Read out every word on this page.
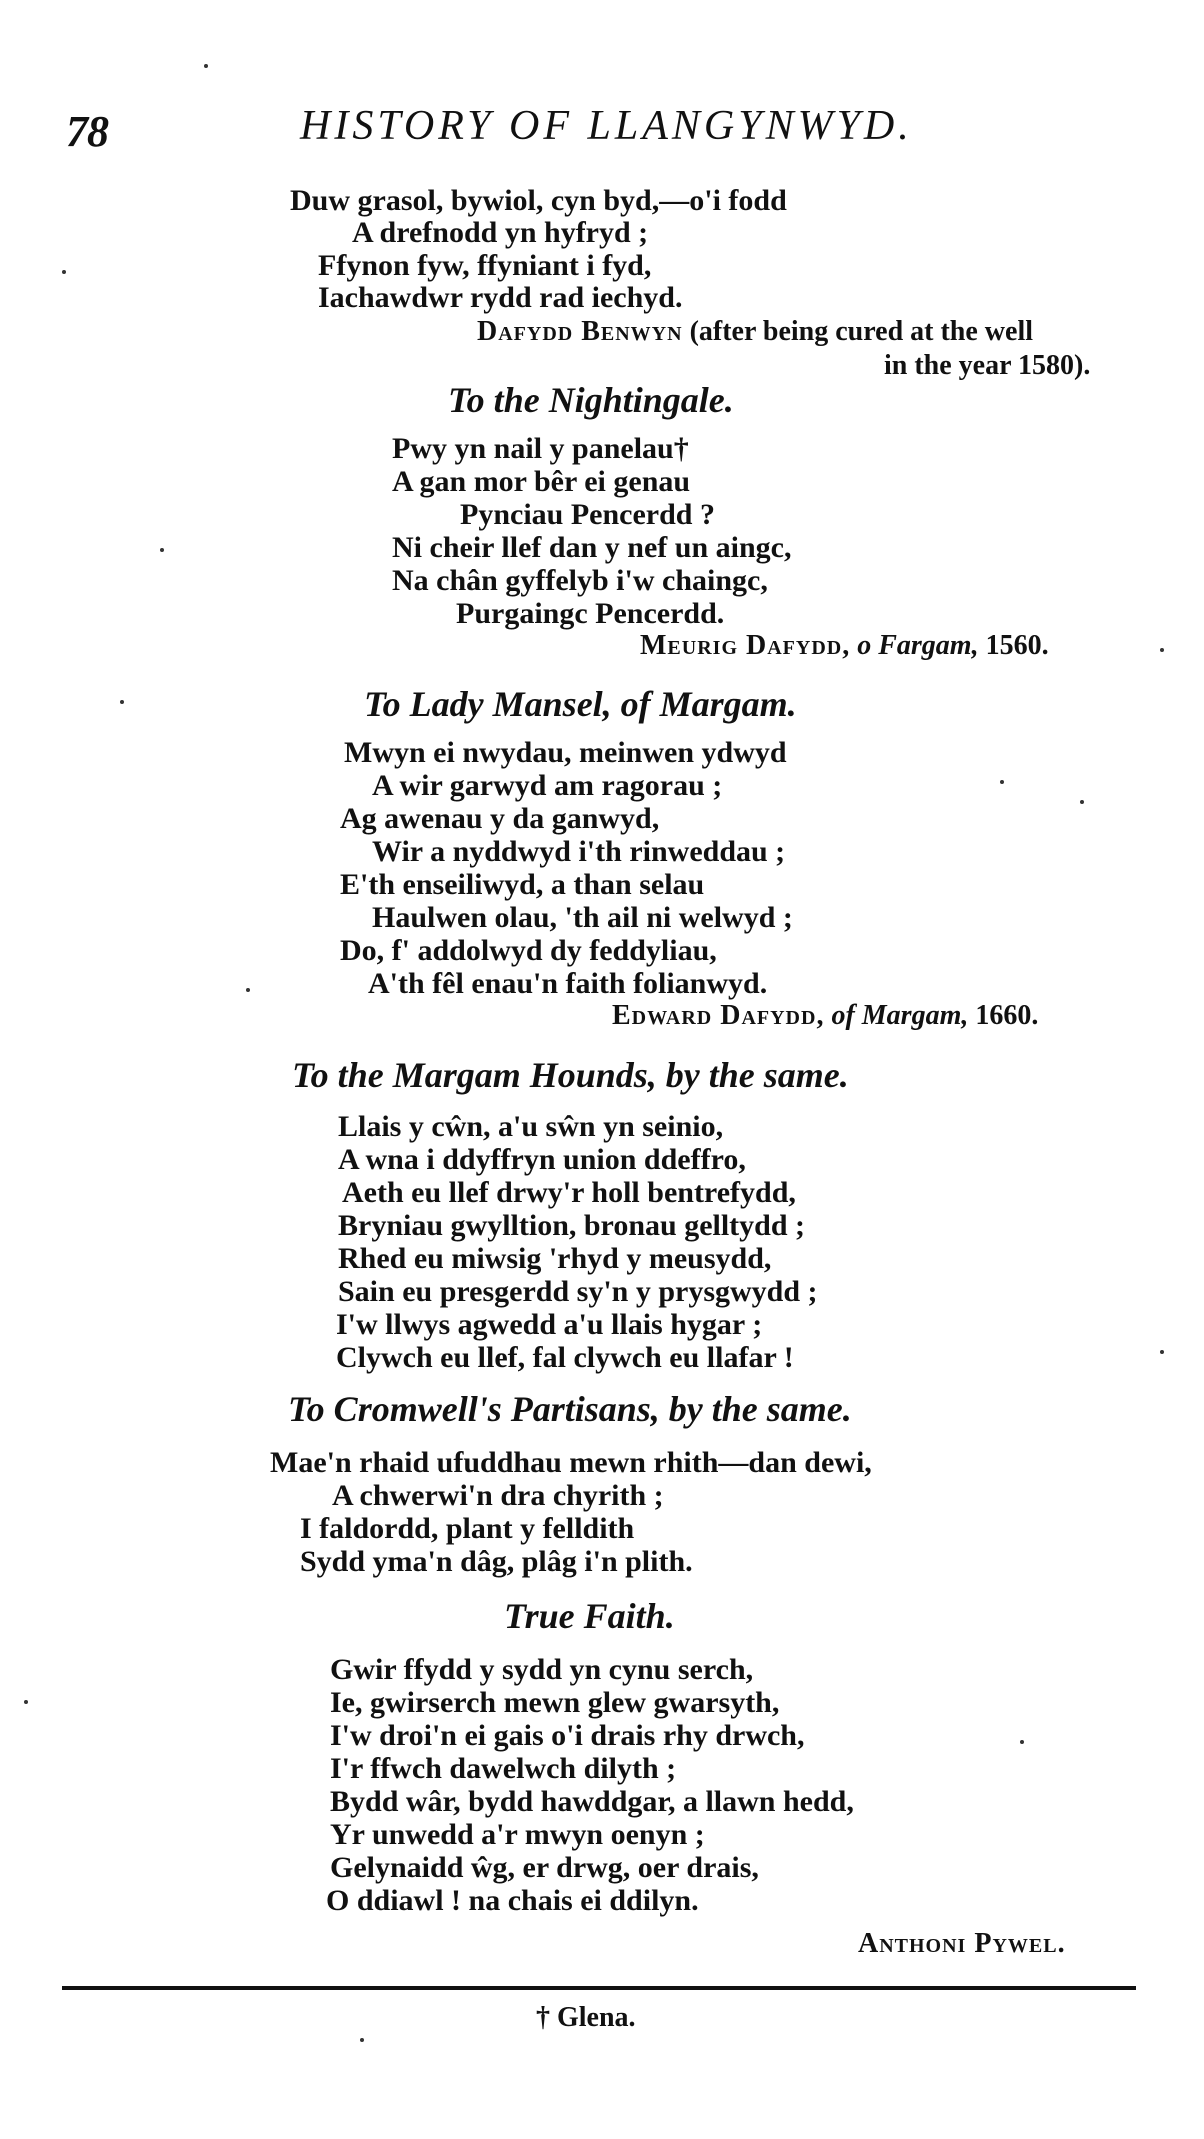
78	HISTORY OF LLANGYNWYD.
Duw grasol, bywiol, cyn byd,—o'i fodd
A drefnodd yn hyfryd ;
Ffynon fyw, ffyniant i fyd,
Iachawdwr rydd rad iechyd.
Dafydd Benwyn (after being cured at the well
in the year 1580).
To the Nightingale.
Pwy yn nail y panelau†
A gan mor bêr ei genau
Pynciau Pencerdd ?
Ni cheir llef dan y nef un aingc,
Na chân gyffelyb i'w chaingc,
Purgaingc Pencerdd.
Meurig Dafydd, o Fargam, 1560.
To Lady Mansel, of Margam.
Mwyn ei nwydau, meinwen ydwyd
A wir garwyd am ragorau ;
Ag awenau y da ganwyd,
Wir a nyddwyd i'th rinweddau ;
E'th enseiliwyd, a than selau
Haulwen olau, 'th ail ni welwyd ;
Do, f' addolwyd dy feddyliau,
A'th fêl enau'n faith folianwyd.
Edward Dafydd, of Margam, 1660.
To the Margam Hounds, by the same.
Llais y cŵn, a'u sŵn yn seinio,
A wna i ddyffryn union ddeffro,
Aeth eu llef drwy'r holl bentrefydd,
Bryniau gwylltion, bronau gelltydd ;
Rhed eu miwsig 'rhyd y meusydd,
Sain eu presgerdd sy'n y prysgwydd ;
I'w llwys agwedd a'u llais hygar ;
Clywch eu llef, fal clywch eu llafar !
To Cromwell's Partisans, by the same.
Mae'n rhaid ufuddhau mewn rhith—dan dewi,
A chwerwi'n dra chyrith ;
I faldordd, plant y felldith
Sydd yma'n dâg, plâg i'n plith.
True Faith.
Gwir ffydd y sydd yn cynu serch,
Ie, gwirserch mewn glew gwarsyth,
I'w droi'n ei gais o'i drais rhy drwch,
I'r ffwch dawelwch dilyth ;
Bydd wâr, bydd hawddgar, a llawn hedd,
Yr unwedd a'r mwyn oenyn ;
Gelynaidd ŵg, er drwg, oer drais,
O ddiawl ! na chais ei ddilyn.
Anthoni Pywel.
† Glena.
